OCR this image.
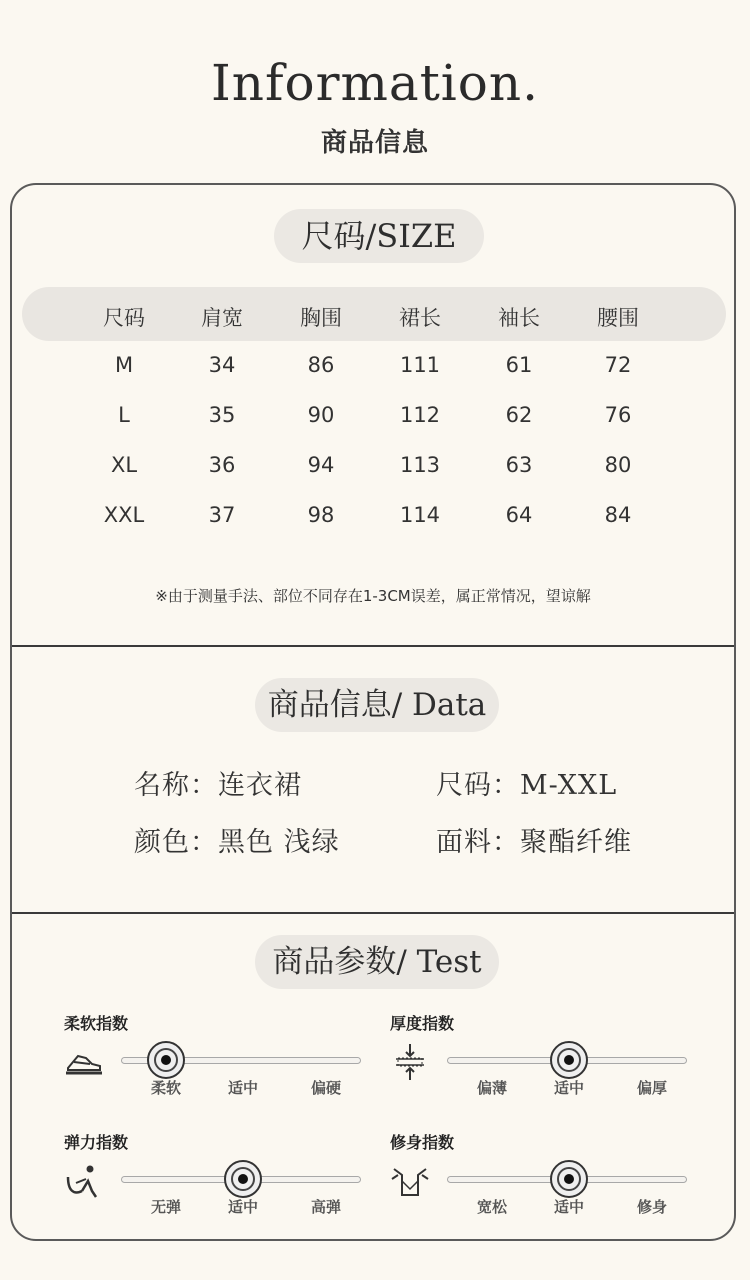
Information.
商品信息
尺码/SIZE
尺码	肩宽	胸围	裙长	袖长	腰围
M	34	86	111	61	72
L	35	90	112	62	76
XL	36	94	113	63	80
XXL	37	98	114	64	84
※由于测量手法、部位不同存在1-3CM误差，属正常情况，望谅解
商品信息/ Data
名称：连衣裙	尺码：M-XXL
颜色：黑色 浅绿	面料：聚酯纤维
商品参数/ Test
柔软指数
柔软	适中	偏硬
厚度指数
偏薄	适中	偏厚
弹力指数
无弹	适中	高弹
修身指数
宽松	适中	修身
